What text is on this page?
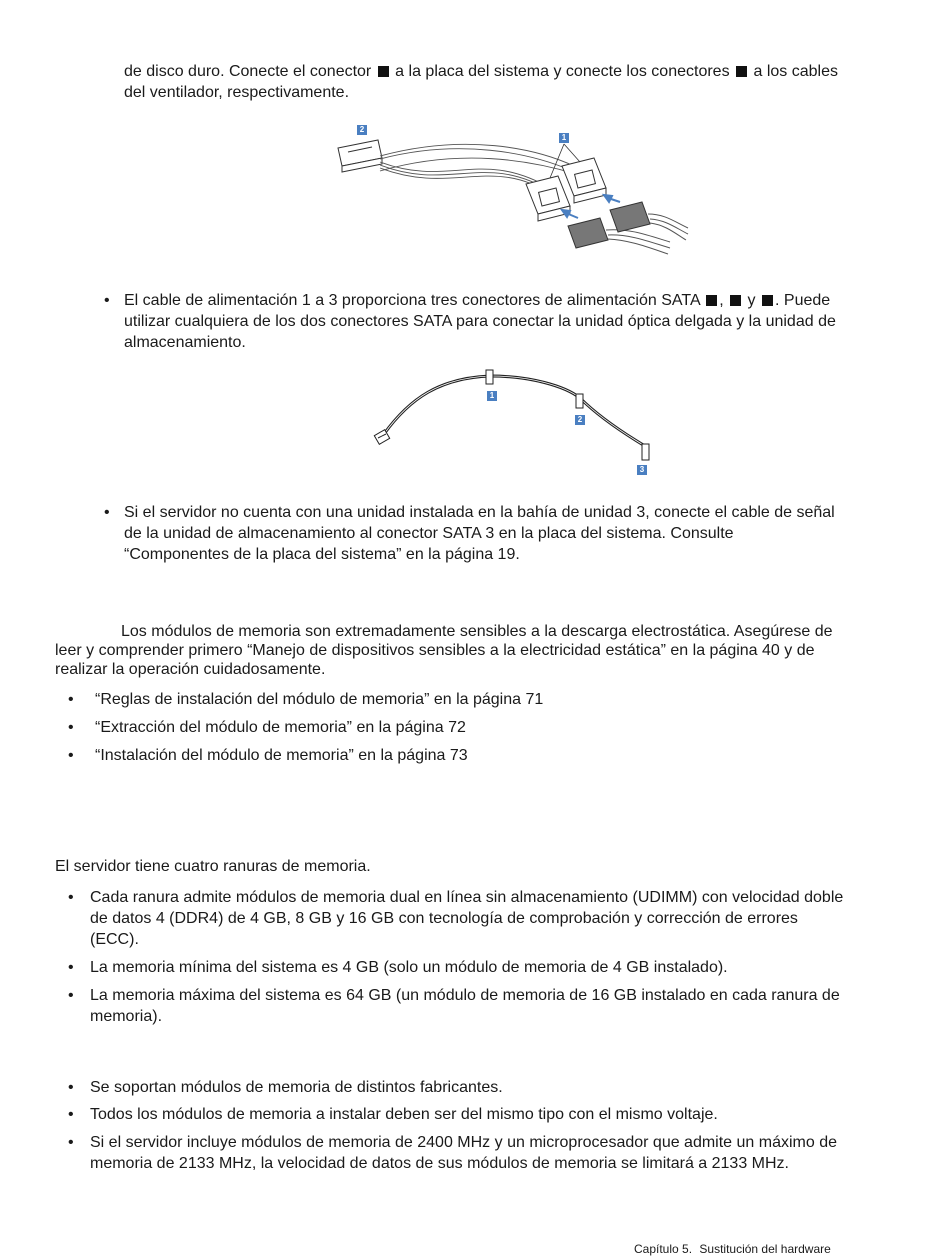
de disco duro. Conecte el conector a la placa del sistema y conecte los conectores a los cables
del ventilador, respectivamente.
2
1
• El cable de alimentación 1 a 3 proporciona tres conectores de alimentación SATA , y . Puede
utilizar cualquiera de los dos conectores SATA para conectar la unidad óptica delgada y la unidad de
almacenamiento.
1
2
3
• Si el servidor no cuenta con una unidad instalada en la bahía de unidad 3, conecte el cable de señal
de la unidad de almacenamiento al conector SATA 3 en la placa del sistema. Consulte
“Componentes de la placa del sistema” en la página 19.
Los módulos de memoria son extremadamente sensibles a la descarga electrostática. Asegúrese de
leer y comprender primero “Manejo de dispositivos sensibles a la electricidad estática” en la página 40 y de
realizar la operación cuidadosamente.
• “Reglas de instalación del módulo de memoria” en la página 71
• “Extracción del módulo de memoria” en la página 72
• “Instalación del módulo de memoria” en la página 73
El servidor tiene cuatro ranuras de memoria.
• Cada ranura admite módulos de memoria dual en línea sin almacenamiento (UDIMM) con velocidad doble
de datos 4 (DDR4) de 4 GB, 8 GB y 16 GB con tecnología de comprobación y corrección de errores
(ECC).
• La memoria mínima del sistema es 4 GB (solo un módulo de memoria de 4 GB instalado).
• La memoria máxima del sistema es 64 GB (un módulo de memoria de 16 GB instalado en cada ranura de
memoria).
• Se soportan módulos de memoria de distintos fabricantes.
• Todos los módulos de memoria a instalar deben ser del mismo tipo con el mismo voltaje.
• Si el servidor incluye módulos de memoria de 2400 MHz y un microprocesador que admite un máximo de
memoria de 2133 MHz, la velocidad de datos de sus módulos de memoria se limitará a 2133 MHz.
Capítulo 5. Sustitución del hardware
